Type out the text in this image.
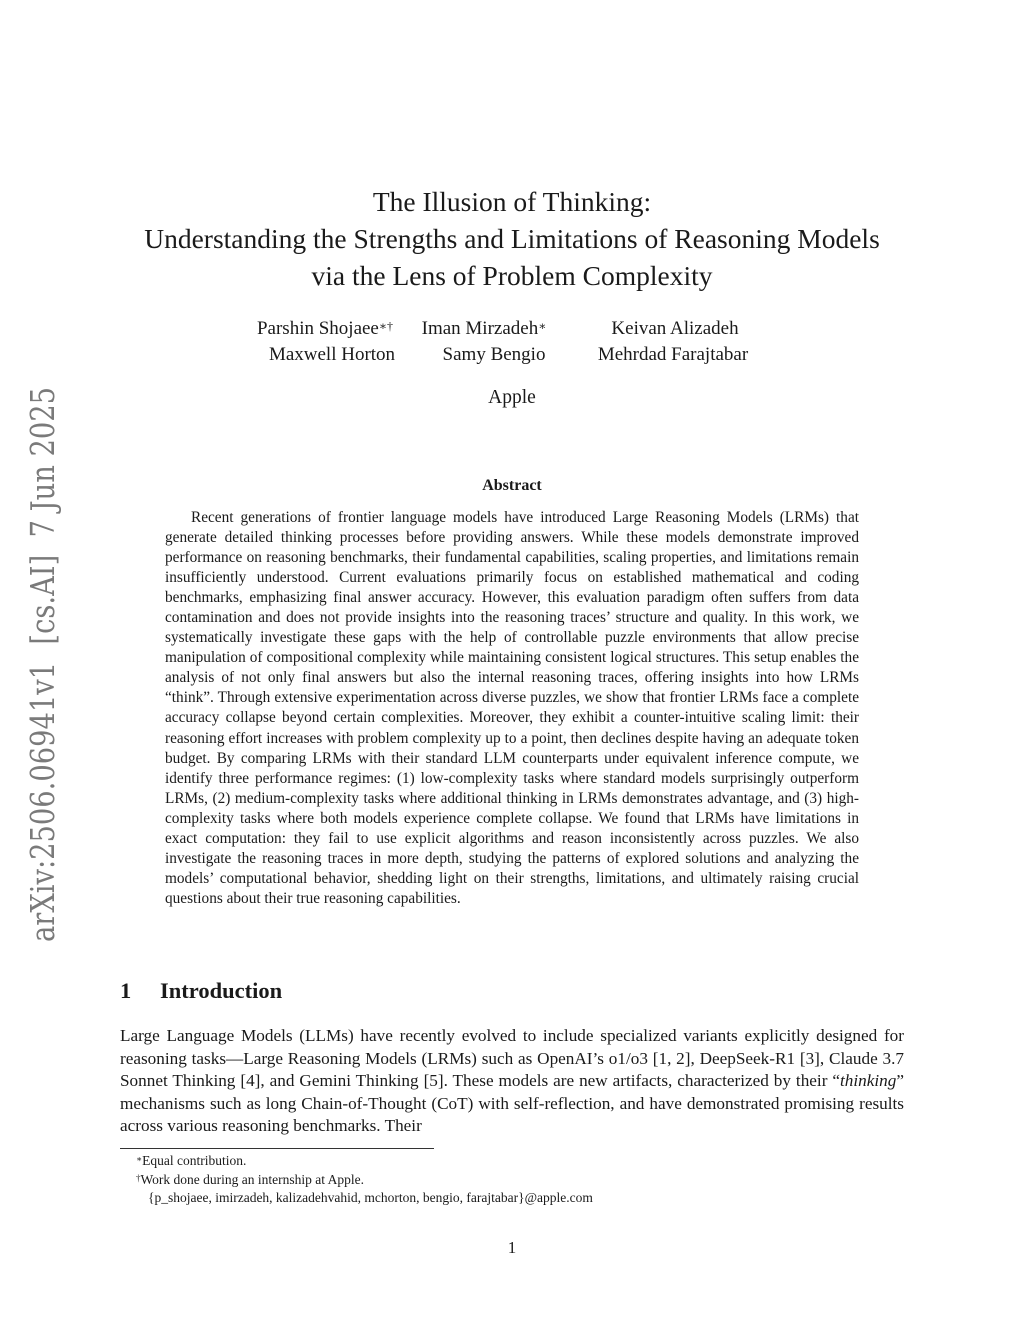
arXiv:2506.06941v1  [cs.AI]  7 Jun 2025
The Illusion of Thinking:
Understanding the Strengths and Limitations of Reasoning Models
via the Lens of Problem Complexity
Parshin Shojaee∗† Iman Mirzadeh∗	Keivan Alizadeh
Maxwell Horton Samy Bengio	Mehrdad Farajtabar
Apple
Abstract
Recent generations of frontier language models have introduced Large Reasoning Models (LRMs) that generate detailed thinking processes before providing answers. While these models demonstrate improved performance on reasoning benchmarks, their fundamental capabilities, scaling properties, and limitations remain insufficiently understood. Current evaluations primarily focus on established mathematical and coding benchmarks, emphasizing final answer accuracy. However, this evaluation paradigm often suffers from data contamination and does not provide insights into the reasoning traces’ structure and quality. In this work, we systematically investigate these gaps with the help of controllable puzzle environments that allow precise manipulation of compositional complexity while maintaining consistent logical structures. This setup enables the analysis of not only final answers but also the internal reasoning traces, offering insights into how LRMs “think”. Through extensive experimentation across diverse puzzles, we show that frontier LRMs face a complete accuracy collapse beyond certain complexities. Moreover, they exhibit a counter-intuitive scaling limit: their reasoning effort increases with problem complexity up to a point, then declines despite having an adequate token budget. By comparing LRMs with their standard LLM counterparts under equivalent inference compute, we identify three performance regimes: (1) low-complexity tasks where standard models surprisingly outperform LRMs, (2) medium-complexity tasks where additional thinking in LRMs demonstrates advantage, and (3) high-complexity tasks where both models experience complete collapse. We found that LRMs have limitations in exact computation: they fail to use explicit algorithms and reason inconsistently across puzzles. We also investigate the reasoning traces in more depth, studying the patterns of explored solutions and analyzing the models’ computational behavior, shedding light on their strengths, limitations, and ultimately raising crucial questions about their true reasoning capabilities.
1 Introduction
Large Language Models (LLMs) have recently evolved to include specialized variants explicitly designed for reasoning tasks—Large Reasoning Models (LRMs) such as OpenAI’s o1/o3 [1, 2], DeepSeek-R1 [3], Claude 3.7 Sonnet Thinking [4], and Gemini Thinking [5]. These models are new artifacts, characterized by their “thinking” mechanisms such as long Chain-of-Thought (CoT) with self-reflection, and have demonstrated promising results across various reasoning benchmarks. Their
∗Equal contribution.
†Work done during an internship at Apple.
{p_shojaee, imirzadeh, kalizadehvahid, mchorton, bengio, farajtabar}@apple.com
1
